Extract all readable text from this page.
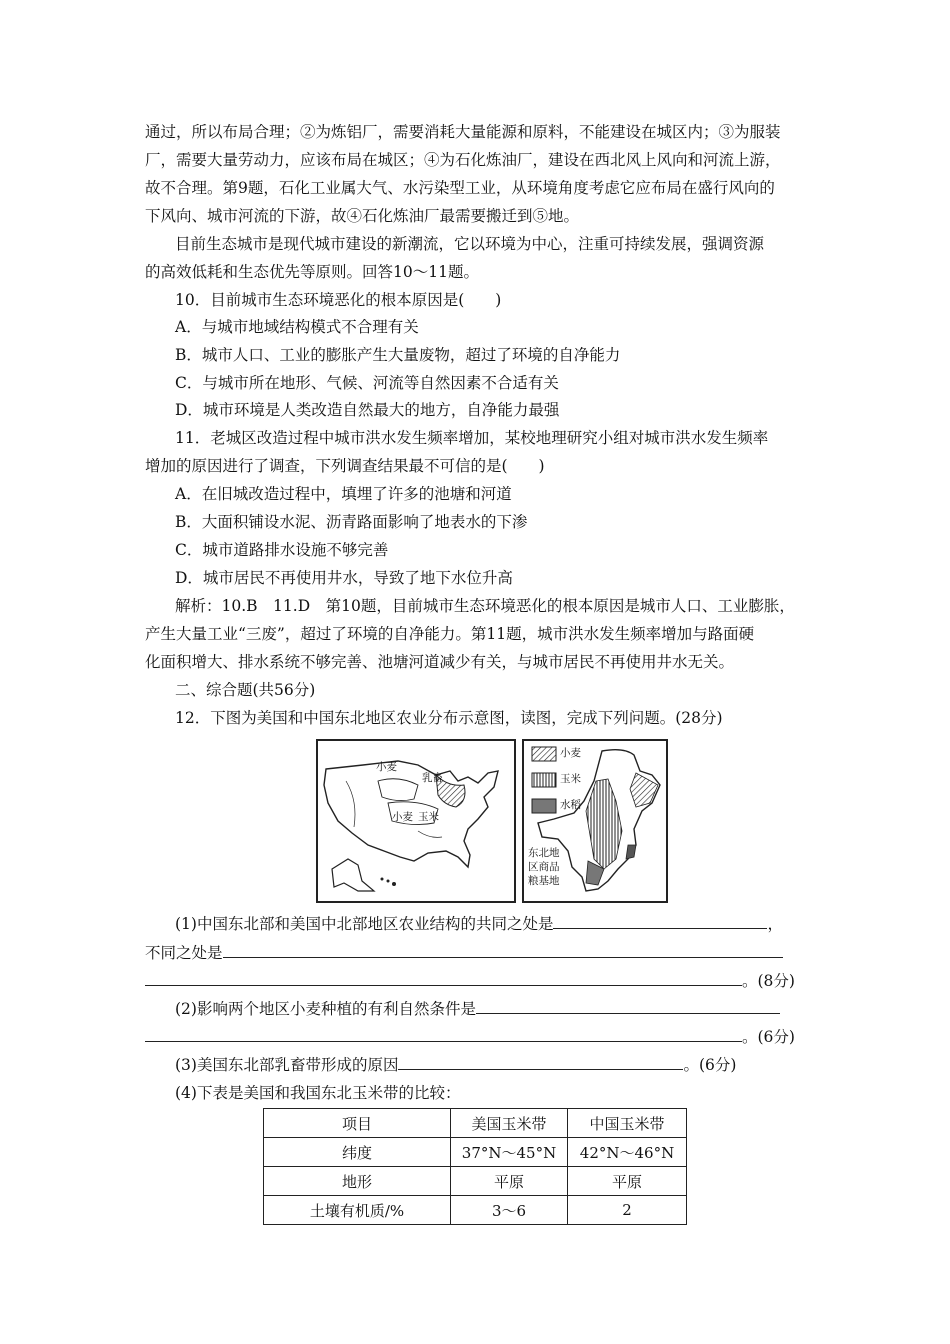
通过，所以布局合理；②为炼铝厂，需要消耗大量能源和原料，不能建设在城区内；③为服装
厂，需要大量劳动力，应该布局在城区；④为石化炼油厂，建设在西北风上风向和河流上游，
故不合理。第9题，石化工业属大气、水污染型工业，从环境角度考虑它应布局在盛行风向的
下风向、城市河流的下游，故④石化炼油厂最需要搬迁到⑤地。
目前生态城市是现代城市建设的新潮流，它以环境为中心，注重可持续发展，强调资源
的高效低耗和生态优先等原则。回答10～11题。
10．目前城市生态环境恶化的根本原因是(　　)
A．与城市地域结构模式不合理有关
B．城市人口、工业的膨胀产生大量废物，超过了环境的自净能力
C．与城市所在地形、气候、河流等自然因素不合适有关
D．城市环境是人类改造自然最大的地方，自净能力最强
11．老城区改造过程中城市洪水发生频率增加，某校地理研究小组对城市洪水发生频率
增加的原因进行了调查，下列调查结果最不可信的是(　　)
A．在旧城改造过程中，填埋了许多的池塘和河道
B．大面积铺设水泥、沥青路面影响了地表水的下渗
C．城市道路排水设施不够完善
D．城市居民不再使用井水，导致了地下水位升高
解析：10.B　11.D　第10题，目前城市生态环境恶化的根本原因是城市人口、工业膨胀，
产生大量工业“三废”，超过了环境的自净能力。第11题，城市洪水发生频率增加与路面硬
化面积增大、排水系统不够完善、池塘河道减少有关，与城市居民不再使用井水无关。
二、综合题(共56分)
12．下图为美国和中国东北地区农业分布示意图，读图，完成下列问题。(28分)
小麦
乳畜
小麦 玉米
小麦
玉米
水稻
东北地
区商品
粮基地
(1)中国东北部和美国中北部地区农业结构的共同之处是	，
不同之处是
。(8分)
(2)影响两个地区小麦种植的有利自然条件是
。(6分)
(3)美国东北部乳畜带形成的原因	。(6分)
(4)下表是美国和我国东北玉米带的比较：
项目	美国玉米带	中国玉米带
纬度	37°N～45°N	42°N～46°N
地形	平原	平原
土壤有机质/%	3～6	2
